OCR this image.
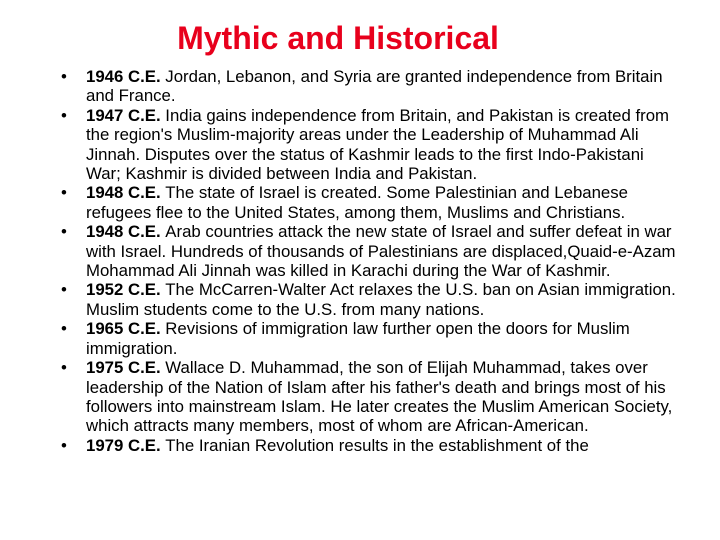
Mythic and Historical
• 1946 C.E. Jordan, Lebanon, and Syria are granted independence from Britain and France.
• 1947 C.E. India gains independence from Britain, and Pakistan is created from the region's Muslim-majority areas under the Leadership of Muhammad Ali Jinnah. Disputes over the status of Kashmir leads to the first Indo-Pakistani War; Kashmir is divided between India and Pakistan.
• 1948 C.E. The state of Israel is created. Some Palestinian and Lebanese refugees flee to the United States, among them, Muslims and Christians.
• 1948 C.E. Arab countries attack the new state of Israel and suffer defeat in war with Israel. Hundreds of thousands of Palestinians are displaced,Quaid-e-Azam Mohammad Ali Jinnah was killed in Karachi during the War of Kashmir.
• 1952 C.E. The McCarren-Walter Act relaxes the U.S. ban on Asian immigration. Muslim students come to the U.S. from many nations.
• 1965 C.E. Revisions of immigration law further open the doors for Muslim immigration.
• 1975 C.E. Wallace D. Muhammad, the son of Elijah Muhammad, takes over leadership of the Nation of Islam after his father's death and brings most of his followers into mainstream Islam. He later creates the Muslim American Society, which attracts many members, most of whom are African-American.
• 1979 C.E. The Iranian Revolution results in the establishment of the
